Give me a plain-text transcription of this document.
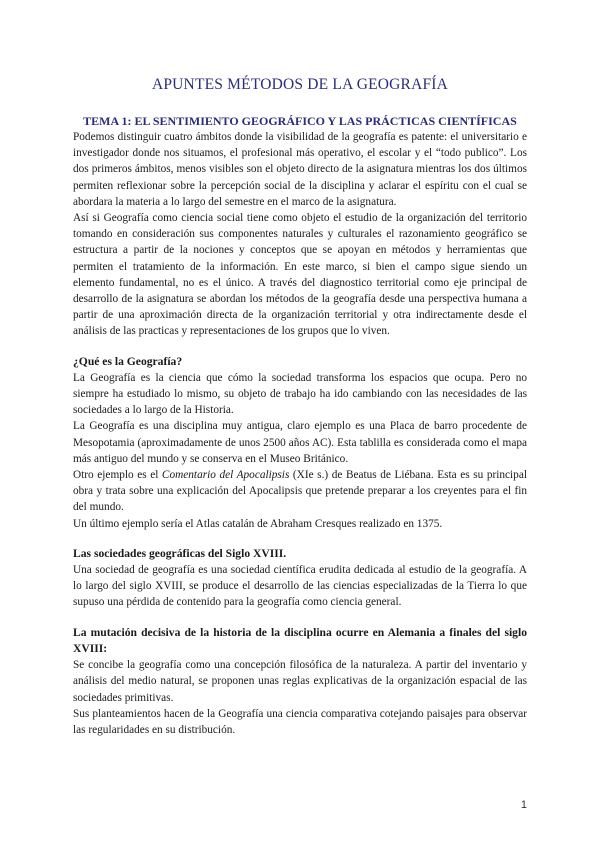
APUNTES MÉTODOS DE LA GEOGRAFÍA
TEMA 1: EL SENTIMIENTO GEOGRÁFICO Y LAS PRÁCTICAS CIENTÍFICAS

Podemos distinguir cuatro ámbitos donde la visibilidad de la geografía es patente: el universitario e investigador donde nos situamos, el profesional más operativo, el escolar y el “todo publico”. Los dos primeros ámbitos, menos visibles son el objeto directo de la asignatura mientras los dos últimos permiten reflexionar sobre la percepción social de la disciplina y aclarar el espíritu con el cual se abordara la materia a lo largo del semestre en el marco de la asignatura.

Así si Geografía como ciencia social tiene como objeto el estudio de la organización del territorio tomando en consideración sus componentes naturales y culturales el razonamiento geográfico se estructura a partir de la nociones y conceptos que se apoyan en métodos y herramientas que permiten el tratamiento de la información. En este marco, si bien el campo sigue siendo un elemento fundamental, no es el único. A través del diagnostico territorial como eje principal de desarrollo de la asignatura se abordan los métodos de la geografía desde una perspectiva humana a partir de una aproximación directa de la organización territorial y otra indirectamente desde el análisis de las practicas y representaciones de los grupos que lo viven.

¿Qué es la Geografía?

La Geografía es la ciencia que cómo la sociedad transforma los espacios que ocupa. Pero no siempre ha estudiado lo mismo, su objeto de trabajo ha ido cambiando con las necesidades de las sociedades a lo largo de la Historia.

La Geografía es una disciplina muy antigua, claro ejemplo es una Placa de barro procedente de Mesopotamia (aproximadamente de unos 2500 años AC). Esta tablilla es considerada como el mapa más antiguo del mundo y se conserva en el Museo Británico.

Otro ejemplo es el Comentario del Apocalipsis (XIe s.) de Beatus de Liébana. Esta es su principal obra y trata sobre una explicación del Apocalipsis que pretende preparar a los creyentes para el fin del mundo.

Un último ejemplo sería el Atlas catalán de Abraham Cresques realizado en 1375.

Las sociedades geográficas del Siglo XVIII.

Una sociedad de geografía es una sociedad científica erudita dedicada al estudio de la geografía. A lo largo del siglo XVIII, se produce el desarrollo de las ciencias especializadas de la Tierra lo que supuso una pérdida de contenido para la geografía como ciencia general.

La mutación decisiva de la historia de la disciplina ocurre en Alemania a finales del siglo XVIII:

Se concibe la geografía como una concepción filosófica de la naturaleza. A partir del inventario y análisis del medio natural, se proponen unas reglas explicativas de la organización espacial de las sociedades primitivas.

Sus planteamientos hacen de la Geografía una ciencia comparativa cotejando paisajes para observar las regularidades en su distribución.

1
